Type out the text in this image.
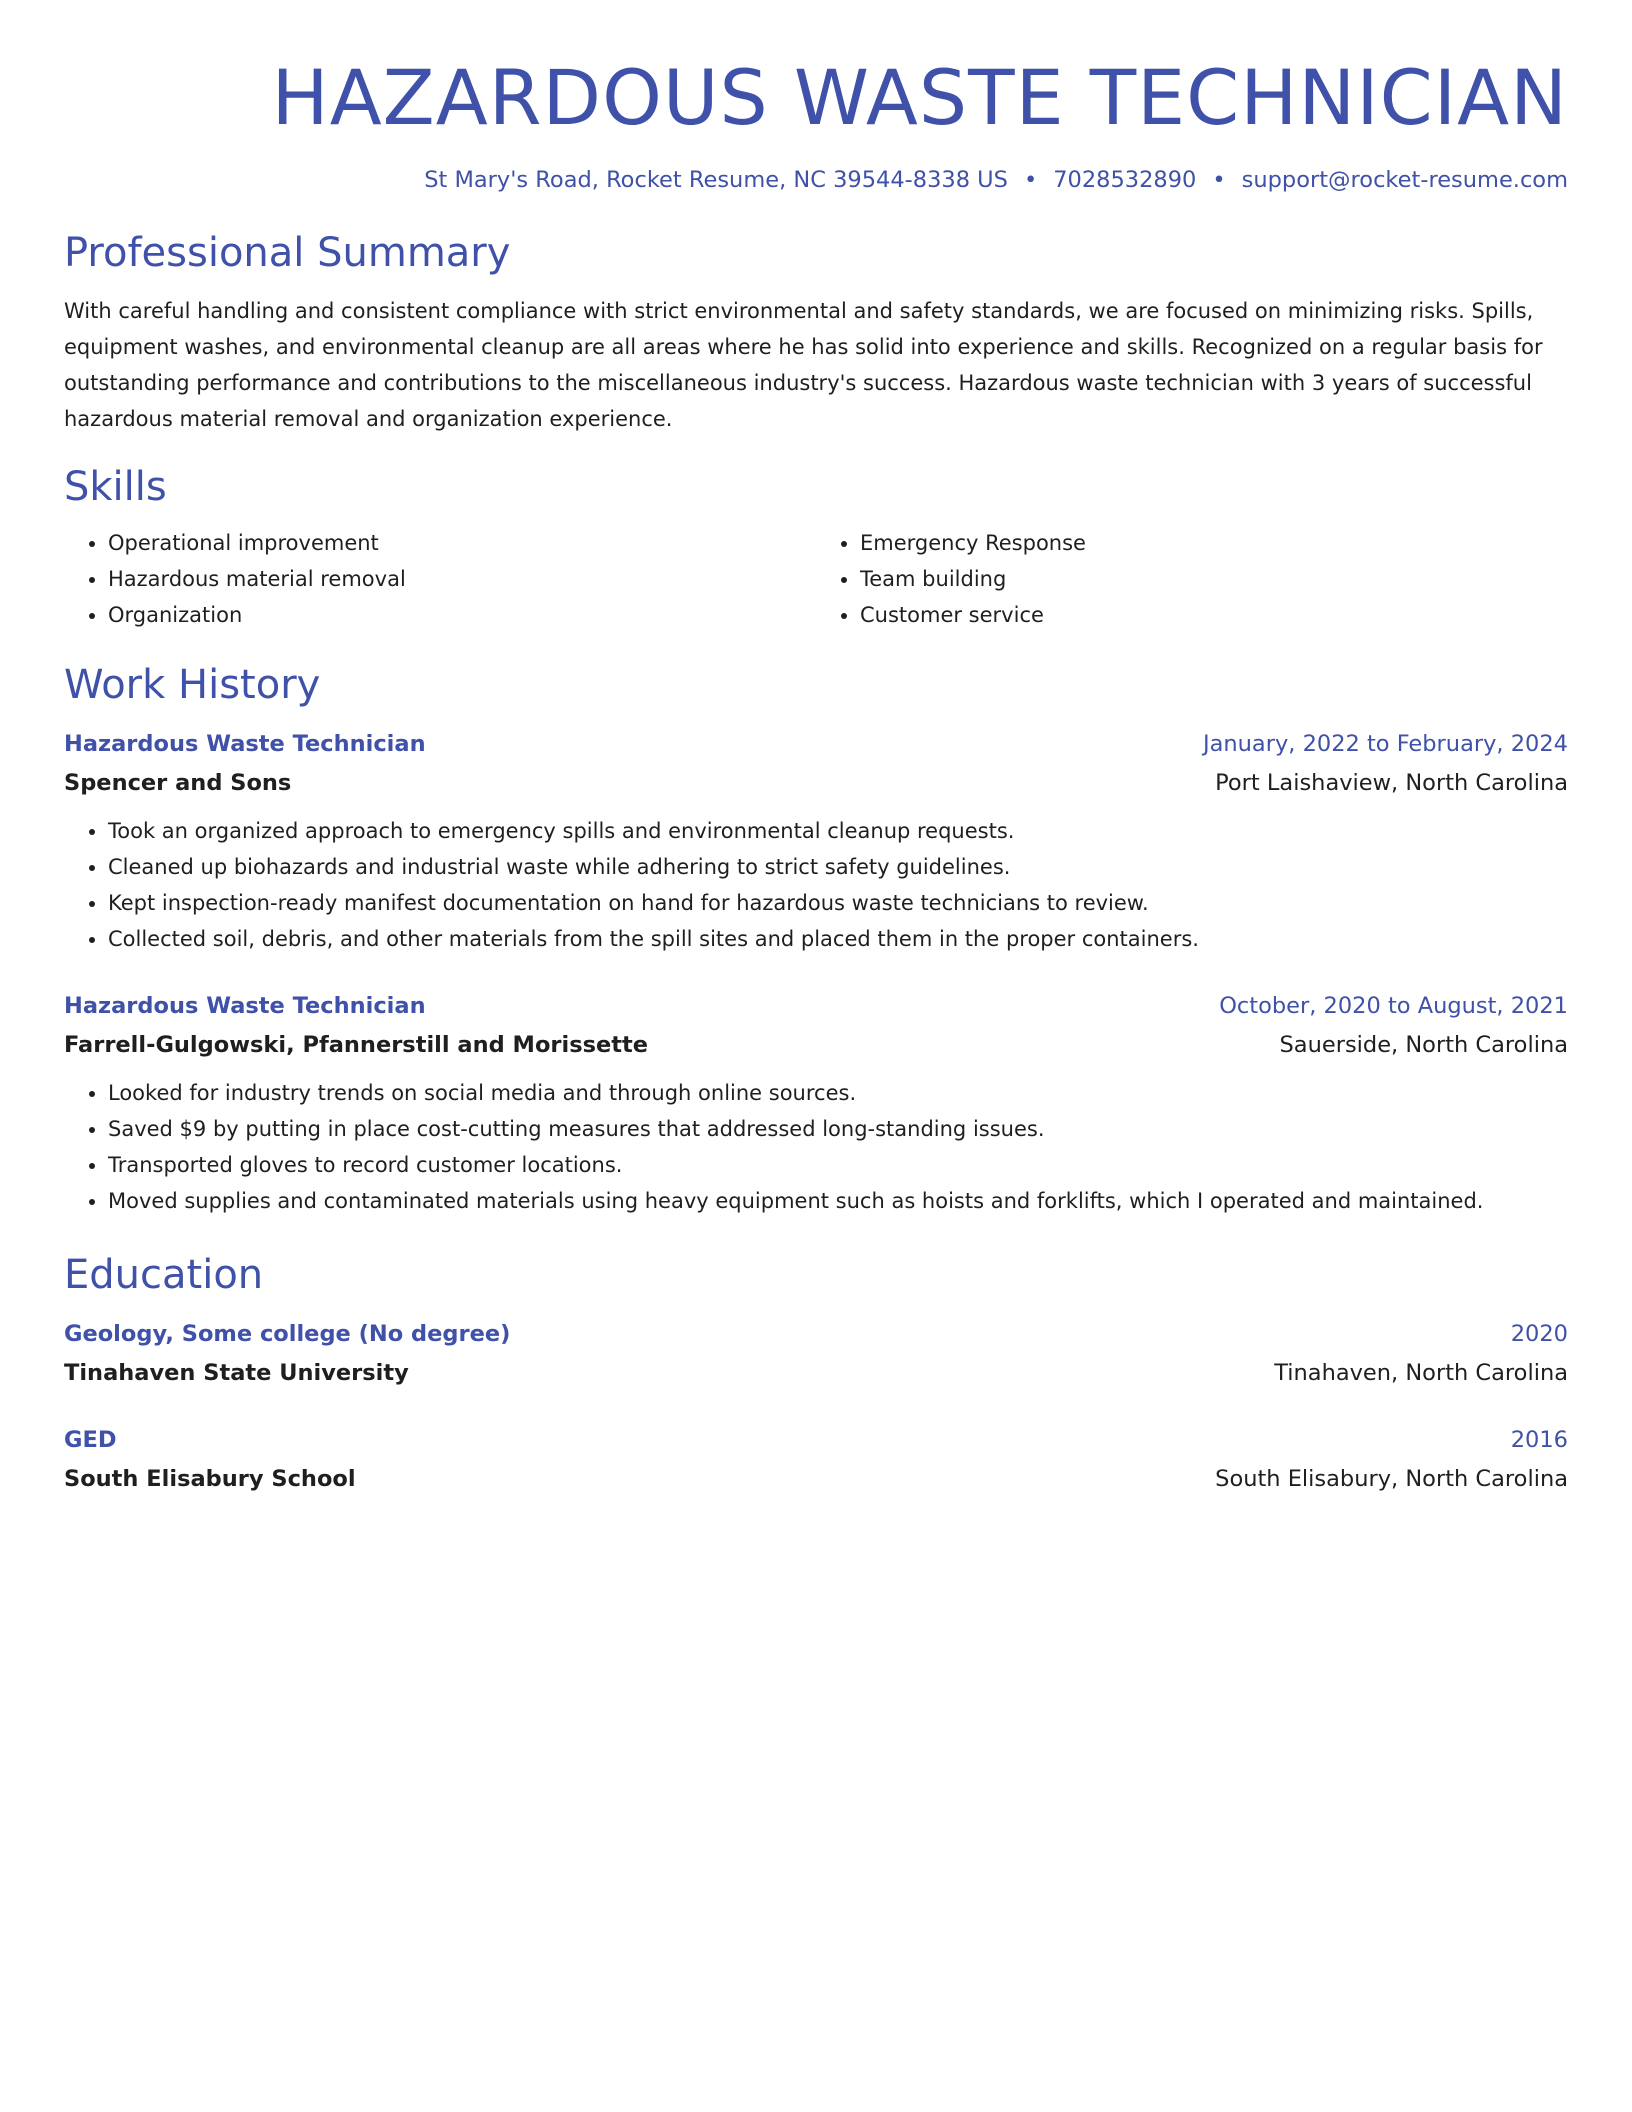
HAZARDOUS WASTE TECHNICIAN
St Mary's Road, Rocket Resume, NC 39544-8338 US • 7028532890 • support@rocket-resume.com
Professional Summary

With careful handling and consistent compliance with strict environmental and safety standards, we are focused on minimizing risks. Spills, equipment washes, and environmental cleanup are all areas where he has solid into experience and skills. Recognized on a regular basis for outstanding performance and contributions to the miscellaneous industry's success. Hazardous waste technician with 3 years of successful hazardous material removal and organization experience.

Skills
• Operational improvement
• Hazardous material removal
• Organization
• Emergency Response
• Team building
• Customer service
Work History
Hazardous Waste Technician	January, 2022 to February, 2024
Spencer and Sons	Port Laishaview, North Carolina
• Took an organized approach to emergency spills and environmental cleanup requests.
• Cleaned up biohazards and industrial waste while adhering to strict safety guidelines.
• Kept inspection-ready manifest documentation on hand for hazardous waste technicians to review.
• Collected soil, debris, and other materials from the spill sites and placed them in the proper containers.
Hazardous Waste Technician	October, 2020 to August, 2021
Farrell-Gulgowski, Pfannerstill and Morissette	Sauerside, North Carolina
• Looked for industry trends on social media and through online sources.
• Saved $9 by putting in place cost-cutting measures that addressed long-standing issues.
• Transported gloves to record customer locations.
• Moved supplies and contaminated materials using heavy equipment such as hoists and forklifts, which I operated and maintained.
Education
Geology, Some college (No degree)	2020
Tinahaven State University	Tinahaven, North Carolina
GED	2016
South Elisabury School	South Elisabury, North Carolina
